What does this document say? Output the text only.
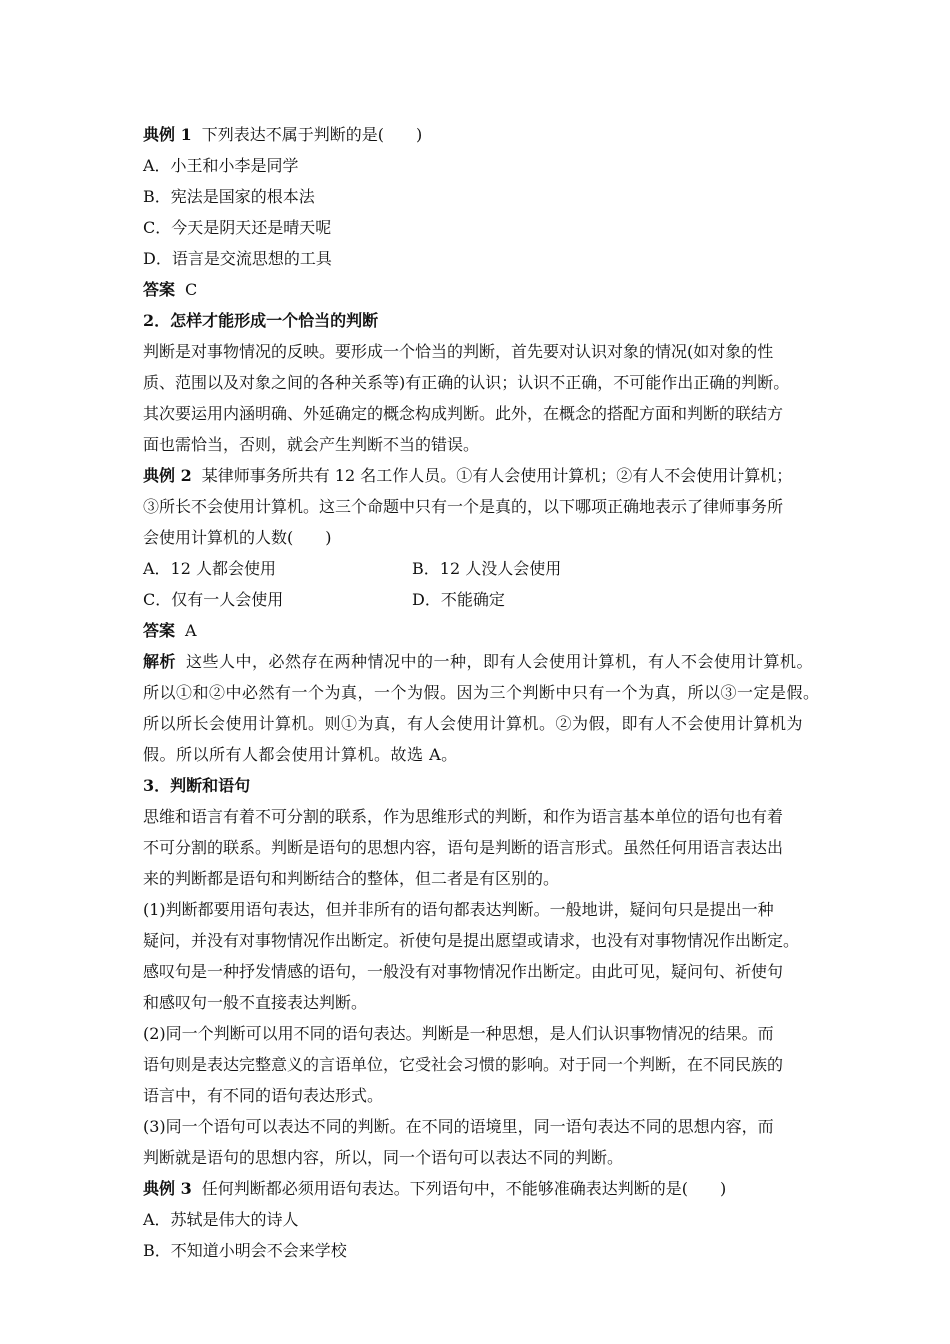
典例 1 下列表达不属于判断的是(　　)
A．小王和小李是同学
B．宪法是国家的根本法
C．今天是阴天还是晴天呢
D．语言是交流思想的工具
答案 C
2．怎样才能形成一个恰当的判断
判断是对事物情况的反映。要形成一个恰当的判断，首先要对认识对象的情况(如对象的性
质、范围以及对象之间的各种关系等)有正确的认识；认识不正确，不可能作出正确的判断。
其次要运用内涵明确、外延确定的概念构成判断。此外，在概念的搭配方面和判断的联结方
面也需恰当，否则，就会产生判断不当的错误。
典例 2 某律师事务所共有 12 名工作人员。①有人会使用计算机；②有人不会使用计算机；
③所长不会使用计算机。这三个命题中只有一个是真的，以下哪项正确地表示了律师事务所
会使用计算机的人数(　　)
A．12 人都会使用	B．12 人没人会使用
C．仅有一人会使用	D．不能确定
答案 A
解析 这些人中，必然存在两种情况中的一种，即有人会使用计算机，有人不会使用计算机。
所以①和②中必然有一个为真，一个为假。因为三个判断中只有一个为真，所以③一定是假。
所以所长会使用计算机。则①为真，有人会使用计算机。②为假，即有人不会使用计算机为
假。所以所有人都会使用计算机。故选 A。
3．判断和语句
思维和语言有着不可分割的联系，作为思维形式的判断，和作为语言基本单位的语句也有着
不可分割的联系。判断是语句的思想内容，语句是判断的语言形式。虽然任何用语言表达出
来的判断都是语句和判断结合的整体，但二者是有区别的。
(1)判断都要用语句表达，但并非所有的语句都表达判断。一般地讲，疑问句只是提出一种
疑问，并没有对事物情况作出断定。祈使句是提出愿望或请求，也没有对事物情况作出断定。
感叹句是一种抒发情感的语句，一般没有对事物情况作出断定。由此可见，疑问句、祈使句
和感叹句一般不直接表达判断。
(2)同一个判断可以用不同的语句表达。判断是一种思想，是人们认识事物情况的结果。而
语句则是表达完整意义的言语单位，它受社会习惯的影响。对于同一个判断，在不同民族的
语言中，有不同的语句表达形式。
(3)同一个语句可以表达不同的判断。在不同的语境里，同一语句表达不同的思想内容，而
判断就是语句的思想内容，所以，同一个语句可以表达不同的判断。
典例 3 任何判断都必须用语句表达。下列语句中，不能够准确表达判断的是(　　)
A．苏轼是伟大的诗人
B．不知道小明会不会来学校
